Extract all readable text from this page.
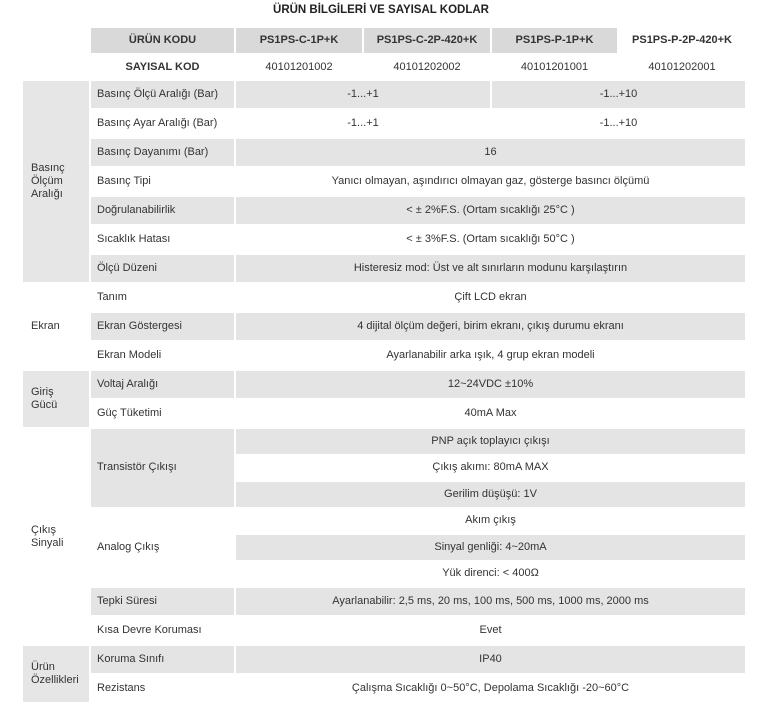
ÜRÜN BİLGİLERİ VE SAYISAL KODLAR
	ÜRÜN KODU	PS1PS-C-1P+K	PS1PS-C-2P-420+K	PS1PS-P-1P+K	PS1PS-P-2P-420+K
	SAYISAL KOD	40101201002	40101202002	40101201001	40101202001
Basınç Ölçüm Aralığı	Basınç Ölçü Aralığı (Bar)	-1...+1		-1...+10	
	Basınç Ayar Aralığı (Bar)	-1...+1		-1...+10	
	Basınç Dayanımı (Bar)	16			
	Basınç Tipi	Yanıcı olmayan, aşındırıcı olmayan gaz, gösterge basıncı ölçümü			
	Doğrulanabilirlik	< ± 2%F.S. (Ortam sıcaklığı 25°C )			
	Sıcaklık Hatası	< ± 3%F.S. (Ortam sıcaklığı 50°C )			
	Ölçü Düzeni	Histeresiz mod: Üst ve alt sınırların modunu karşılaştırın			
Ekran	Tanım	Çift LCD ekran			
	Ekran Göstergesi	4 dijital ölçüm değeri, birim ekranı, çıkış durumu ekranı			
	Ekran Modeli	Ayarlanabilir arka ışık, 4 grup ekran modeli			
Giriş Gücü	Voltaj Aralığı	12~24VDC ±10%			
	Güç Tüketimi	40mA Max			
Çıkış Sinyali	Transistör Çıkışı	PNP açık toplayıcı çıkışı			
		Çıkış akımı: 80mA MAX			
		Gerilim düşüşü: 1V			
	Analog Çıkış	Akım çıkış			
		Sinyal genliği: 4~20mA			
		Yük direnci: < 400Ω			
	Tepki Süresi	Ayarlanabilir: 2,5 ms, 20 ms, 100 ms, 500 ms, 1000 ms, 2000 ms			
	Kısa Devre Koruması	Evet			
Ürün Özellikleri	Koruma Sınıfı	IP40			
	Rezistans	Çalışma Sıcaklığı 0~50°C, Depolama Sıcaklığı -20~60°C			
